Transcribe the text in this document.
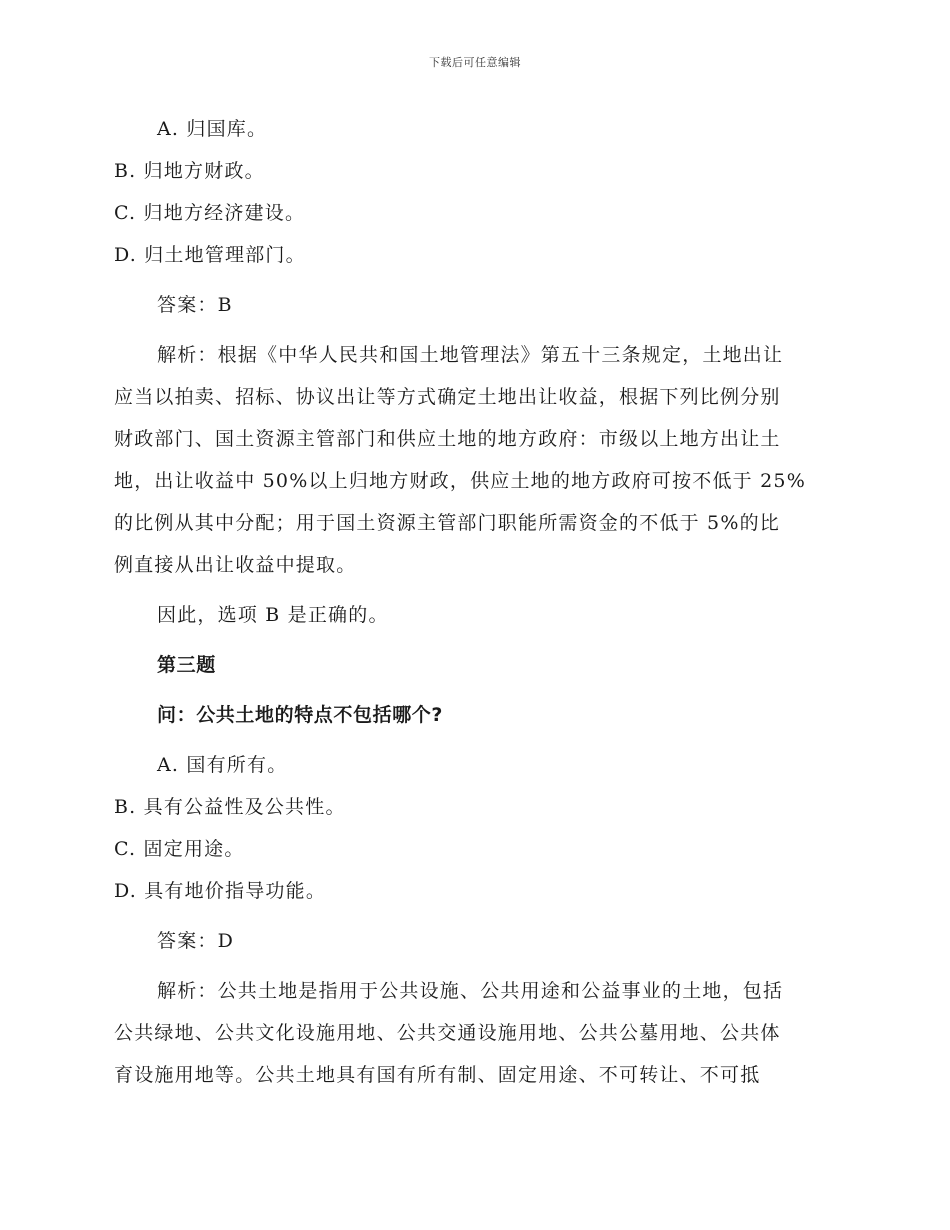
下载后可任意编辑

A. 归国库。

B. 归地方财政。

C. 归地方经济建设。

D. 归土地管理部门。

答案：B

解析：根据《中华人民共和国土地管理法》第五十三条规定，土地出让

应当以拍卖、招标、协议出让等方式确定土地出让收益，根据下列比例分别

财政部门、国土资源主管部门和供应土地的地方政府：市级以上地方出让土

地，出让收益中 50%以上归地方财政，供应土地的地方政府可按不低于 25%

的比例从其中分配；用于国土资源主管部门职能所需资金的不低于 5%的比

例直接从出让收益中提取。

因此，选项 B 是正确的。

第三题

问：公共土地的特点不包括哪个?

A. 国有所有。

B. 具有公益性及公共性。

C. 固定用途。

D. 具有地价指导功能。

答案：D

解析：公共土地是指用于公共设施、公共用途和公益事业的土地，包括

公共绿地、公共文化设施用地、公共交通设施用地、公共公墓用地、公共体

育设施用地等。公共土地具有国有所有制、固定用途、不可转让、不可抵
